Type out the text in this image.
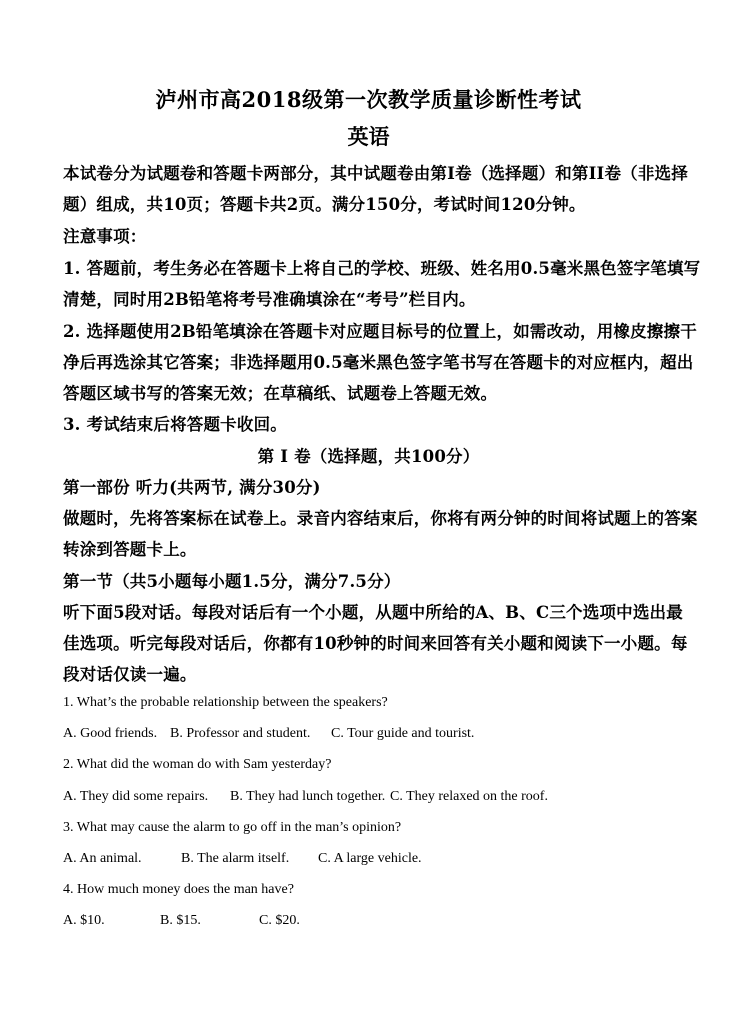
泸州市高2018级第一次教学质量诊断性考试
英语
本试卷分为试题卷和答题卡两部分，其中试题卷由第I卷（选择题）和第II卷（非选择
题）组成，共10页；答题卡共2页。满分150分，考试时间120分钟。
注意事项：
1. 答题前，考生务必在答题卡上将自己的学校、班级、姓名用0.5毫米黑色签字笔填写
清楚，同时用2B铅笔将考号准确填涂在“考号”栏目内。
2. 选择题使用2B铅笔填涂在答题卡对应题目标号的位置上，如需改动，用橡皮擦擦干
净后再选涂其它答案；非选择题用0.5毫米黑色签字笔书写在答题卡的对应框内，超出
答题区域书写的答案无效；在草稿纸、试题卷上答题无效。
3. 考试结束后将答题卡收回。
第 I 卷（选择题，共100分）
第一部份 听力(共两节, 满分30分)
做题时，先将答案标在试卷上。录音内容结束后，你将有两分钟的时间将试题上的答案
转涂到答题卡上。
第一节（共5小题每小题1.5分，满分7.5分）
听下面5段对话。每段对话后有一个小题，从题中所给的A、B、C三个选项中选出最
佳选项。听完每段对话后，你都有10秒钟的时间来回答有关小题和阅读下一小题。每
段对话仅读一遍。
1. What’s the probable relationship between the speakers?
A. Good friends. B. Professor and student. C. Tour guide and tourist.
2. What did the woman do with Sam yesterday?
A. They did some repairs. B. They had lunch together. C. They relaxed on the roof.
3. What may cause the alarm to go off in the man’s opinion?
A. An animal.	B. The alarm itself. C. A large vehicle.
4. How much money does the man have?
A. $10.	B. $15.	C. $20.
